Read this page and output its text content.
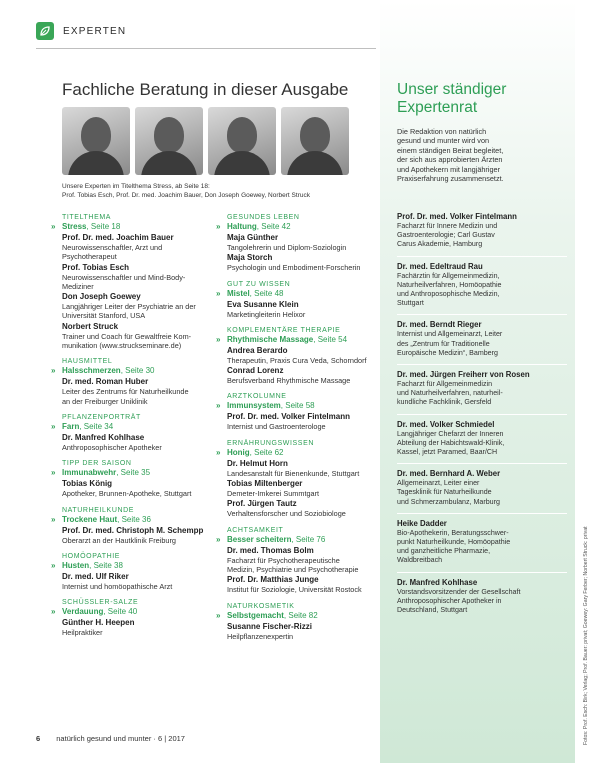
EXPERTEN
Fachliche Beratung in dieser Ausgabe
Unsere Experten im Titelthema Stress, ab Seite 18:
Prof. Tobias Esch, Prof. Dr. med. Joachim Bauer, Don Joseph Goewey, Norbert Struck
TITELTHEMA
» Stress, Seite 18
Prof. Dr. med. Joachim Bauer
Neurowissenschaftler, Arzt und
Psychotherapeut
Prof. Tobias Esch
Neurowissenschaftler und Mind-Body-
Mediziner
Don Joseph Goewey
Langjähriger Leiter der Psychiatrie an der
Universität Stanford, USA
Norbert Struck
Trainer und Coach für Gewaltfreie Kom-
munikation (www.struckseminare.de)
HAUSMITTEL
» Halsschmerzen, Seite 30
Dr. med. Roman Huber
Leiter des Zentrums für Naturheilkunde
an der Freiburger Uniklinik
PFLANZENPORTRÄT
» Farn, Seite 34
Dr. Manfred Kohlhase
Anthroposophischer Apotheker
TIPP DER SAISON
» Immunabwehr, Seite 35
Tobias König
Apotheker, Brunnen-Apotheke, Stuttgart
NATURHEILKUNDE
» Trockene Haut, Seite 36
Prof. Dr. med. Christoph M. Schempp
Oberarzt an der Hautklinik Freiburg
HOMÖOPATHIE
» Husten, Seite 38
Dr. med. Ulf Riker
Internist und homöopathische Arzt
SCHÜSSLER-SALZE
» Verdauung, Seite 40
Günther H. Heepen
Heilpraktiker
GESUNDES LEBEN
» Haltung, Seite 42
Maja Günther
Tangolehrerin und Diplom-Soziologin
Maja Storch
Psychologin und Embodiment-Forscherin
GUT ZU WISSEN
» Mistel, Seite 48
Eva Susanne Klein
Marketingleiterin Helixor
KOMPLEMENTÄRE THERAPIE
» Rhythmische Massage, Seite 54
Andrea Berardo
Therapeutin, Praxis Cura Veda, Schorndorf
Conrad Lorenz
Berufsverband Rhythmische Massage
ARZTKOLUMNE
» Immunsystem, Seite 58
Prof. Dr. med. Volker Fintelmann
Internist und Gastroenterologe
ERNÄHRUNGSWISSEN
» Honig, Seite 62
Dr. Helmut Horn
Landesanstalt für Bienenkunde, Stuttgart
Tobias Miltenberger
Demeter-Imkerei Summtgart
Prof. Jürgen Tautz
Verhaltensforscher und Soziobiologe
ACHTSAMKEIT
» Besser scheitern, Seite 76
Dr. med. Thomas Bolm
Facharzt für Psychotherapeutische
Medizin, Psychiatrie und Psychotherapie
Prof. Dr. Matthias Junge
Institut für Soziologie, Universität Rostock
NATURKOSMETIK
» Selbstgemacht, Seite 82
Susanne Fischer-Rizzi
Heilpflanzenexpertin
Unser ständiger
Expertenrat
Die Redaktion von natürlich
gesund und munter wird von
einem ständigen Beirat begleitet,
der sich aus approbierten Ärzten
und Apothekern mit langjähriger
Praxiserfahrung zusammensetzt.
Prof. Dr. med. Volker Fintelmann
Facharzt für Innere Medizin und
Gastroenterologie; Carl Gustav
Carus Akademie, Hamburg
Dr. med. Edeltraud Rau
Fachärztin für Allgemeinmedizin,
Naturheilverfahren, Homöopathie
und Anthroposophische Medizin,
Stuttgart
Dr. med. Berndt Rieger
Internist und Allgemeinarzt, Leiter
des „Zentrum für Traditionelle
Europäische Medizin“, Bamberg
Dr. med. Jürgen Freiherr von Rosen
Facharzt für Allgemeinmedizin
und Naturheilverfahren, naturheil-
kundliche Fachklinik, Gersfeld
Dr. med. Volker Schmiedel
Langjähriger Chefarzt der Inneren
Abteilung der Habichtswald-Klinik,
Kassel, jetzt Paramed, Baar/CH
Dr. med. Bernhard A. Weber
Allgemeinarzt, Leiter einer
Tagesklinik für Naturheilkunde
und Schmerzambulanz, Marburg
Heike Dadder
Bio-Apothekerin, Beratungsschwer-
punkt Naturheilkunde, Homöopathie
und ganzheitliche Pharmazie,
Waldbreitbach
Dr. Manfred Kohlhase
Vorstandsvorsitzender der Gesellschaft
Anthroposophischer Apotheker in
Deutschland, Stuttgart	Fotos: Prof. Esch: Birk; Verlag; Prof. Bauer: privat; Goewey: Gary Ferber; Norbert Struck: privat
6 natürlich gesund und munter · 6 | 2017
